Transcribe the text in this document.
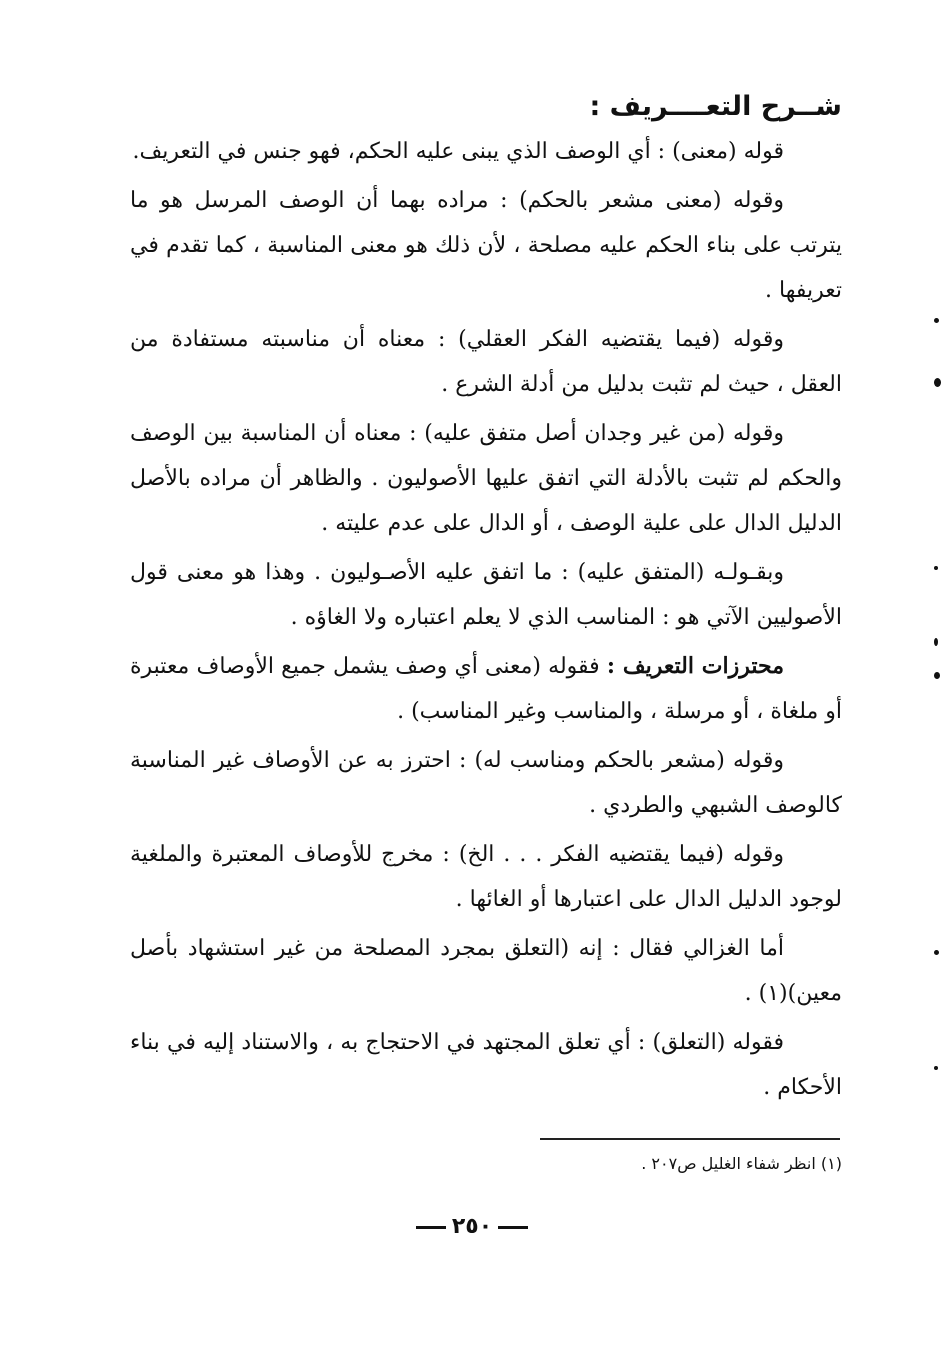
شــرح التعــــريف :

قوله (معنى) : أي الوصف الذي يبنى عليه الحكم، فهو جنس في التعريف.

وقوله (معنى مشعر بالحكم) : مراده بهما أن الوصف المرسل هو ما يترتب على بناء الحكم عليه مصلحة ، لأن ذلك هو معنى المناسبة ، كما تقدم في تعريفها .

وقوله (فيما يقتضيه الفكر العقلي) : معناه أن مناسبته مستفادة من العقل ، حيث لم تثبت بدليل من أدلة الشرع .

وقوله (من غير وجدان أصل متفق عليه) : معناه أن المناسبة بين الوصف والحكم لم تثبت بالأدلة التي اتفق عليها الأصوليون . والظاهر أن مراده بالأصل الدليل الدال على علية الوصف ، أو الدال على عدم عليته .

وبقـولـه (المتفق عليه) : ما اتفق عليه الأصـوليون . وهذا هو معنى قول الأصوليين الآتي هو : المناسب الذي لا يعلم اعتباره ولا الغاؤه .

محترزات التعريف : فقوله (معنى أي وصف يشمل جميع الأوصاف معتبرة أو ملغاة ، أو مرسلة ، والمناسب وغير المناسب) .

وقوله (مشعر بالحكم ومناسب له) : احترز به عن الأوصاف غير المناسبة كالوصف الشبهي والطردي .

وقوله (فيما يقتضيه الفكر . . . الخ) : مخرج للأوصاف المعتبرة والملغية لوجود الدليل الدال على اعتبارها أو الغائها .

أما الغزالي فقال : إنه (التعلق بمجرد المصلحة من غير استشهاد بأصل معين)(١) .

فقوله (التعلق) : أي تعلق المجتهد في الاحتجاج به ، والاستناد إليه في بناء الأحكام .

(١) انظر شفاء الغليل ص٢٠٧ .
٢٥٠
